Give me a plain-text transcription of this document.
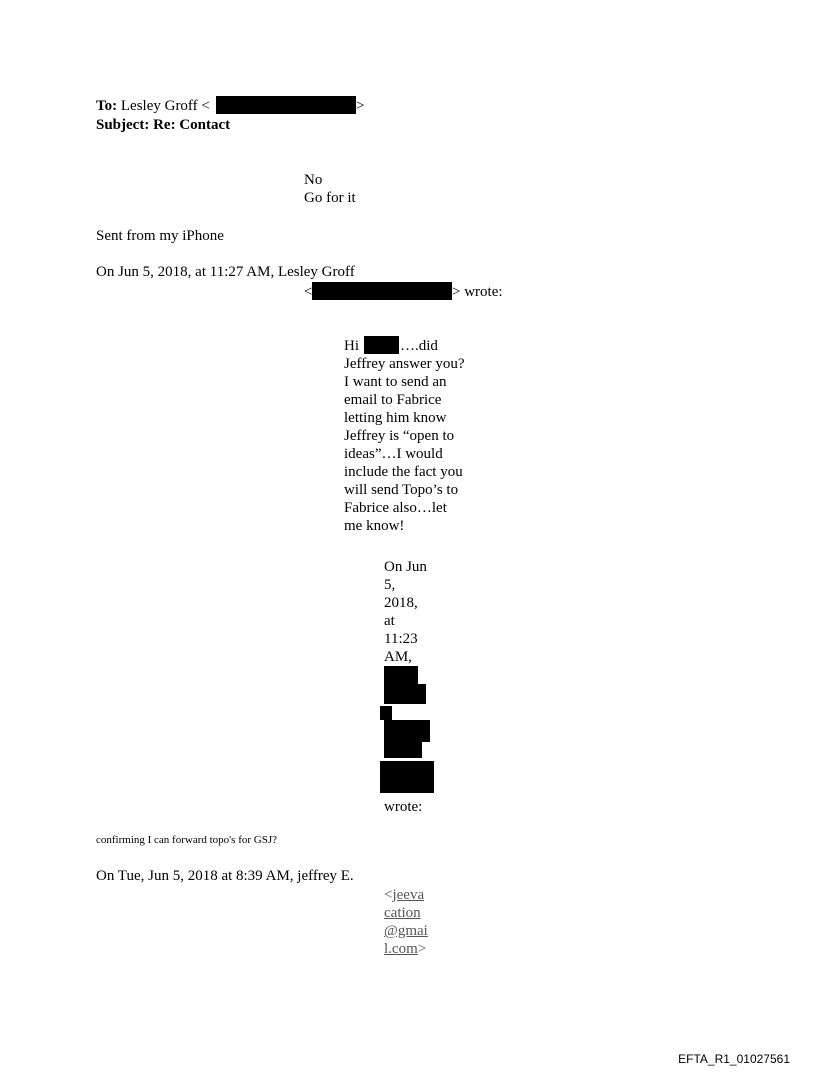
To: Lesley Groff <	>
Subject: Re: Contact
No
Go for it
Sent from my iPhone
On Jun 5, 2018, at 11:27 AM, Lesley Groff
<	> wrote:
Hi	….did
Jeffrey answer you?
I want to send an
email to Fabrice
letting him know
Jeffrey is “open to
ideas”…I would
include the fact you
will send Topo’s to
Fabrice also…let
me know!
On Jun
5,
2018,
at
11:23
AM,
wrote:
confirming I can forward topo's for GSJ?
On Tue, Jun 5, 2018 at 8:39 AM, jeffrey E.
<jeeva
cation
@gmai
l.com>
EFTA_R1_01027561
